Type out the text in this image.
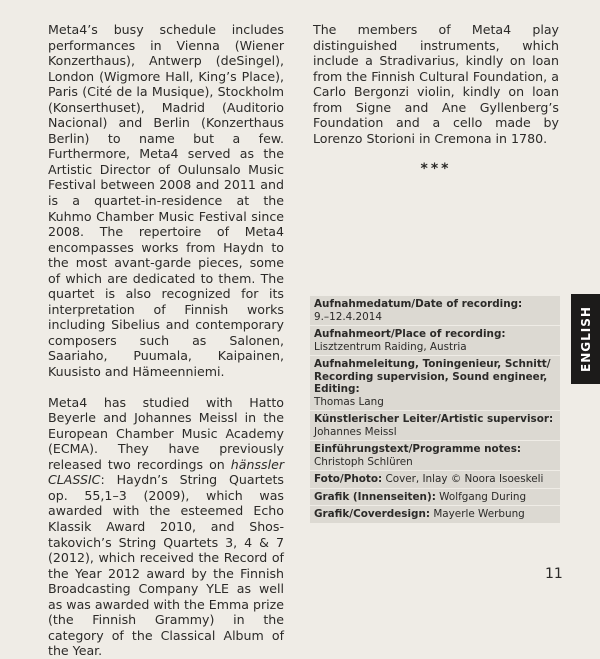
Meta4’s busy schedule includes performances in Vienna (Wiener Konzerthaus), Antwerp (deSingel), London (Wigmore Hall, King’s Place), Paris (Cité de la Musique), Stockholm (Konserthuset), Madrid (Auditorio Nacional) and Berlin (Konzerthaus Berlin) to name but a few. Furthermore, Meta4 served as the Artistic Director of Oulunsalo Music Festival between 2008 and 2011 and is a quartet-in-residence at the Kuhmo Chamber Music Festival since 2008. The repertoire of Meta4 encompasses works from Haydn to the most avant-garde pieces, some of which are dedicated to them. The quartet is also recognized for its interpretation of Finnish works including Sibelius and contemporary composers such as Salonen, Saariaho, Puumala, Kaipainen, Kuusisto and Hämeenniemi.

Meta4 has studied with Hatto Beyerle and Johannes Meissl in the European Chamber Music Academy (ECMA). They have previously released two recordings on hänssler CLASSIC: Haydn’s String Quartets op. 55,1–3 (2009), which was awarded with the esteemed Echo Klassik Award 2010, and Shostakovich’s String Quartets 3, 4 & 7 (2012), which received the Record of the Year 2012 award by the Finnish Broadcasting Company YLE as well as was awarded with the Emma prize (the Finnish Grammy) in the category of the Classical Album of the Year.

The members of Meta4 play distinguished instruments, which include a Stradivarius, kindly on loan from the Finnish Cultural Foundation, a Carlo Bergonzi violin, kindly on loan from Signe and Ane Gyllenberg’s Foundation and a cello made by Lorenzo Storioni in Cremona in 1780.

***
Aufnahmedatum/Date of recording:
9.–12.4.2014
Aufnahmeort/Place of recording:
Lisztzentrum Raiding, Austria
Aufnahmeleitung, Toningenieur, Schnitt/ Recording supervision, Sound engineer, Editing:
Thomas Lang
Künstlerischer Leiter/Artistic supervisor:
Johannes Meissl
Einführungstext/Programme notes:
Christoph Schlüren
Foto/Photo: Cover, Inlay © Noora Isoeskeli
Grafik (Innenseiten): Wolfgang During
Grafik/Coverdesign: Mayerle Werbung
ENGLISH
11
